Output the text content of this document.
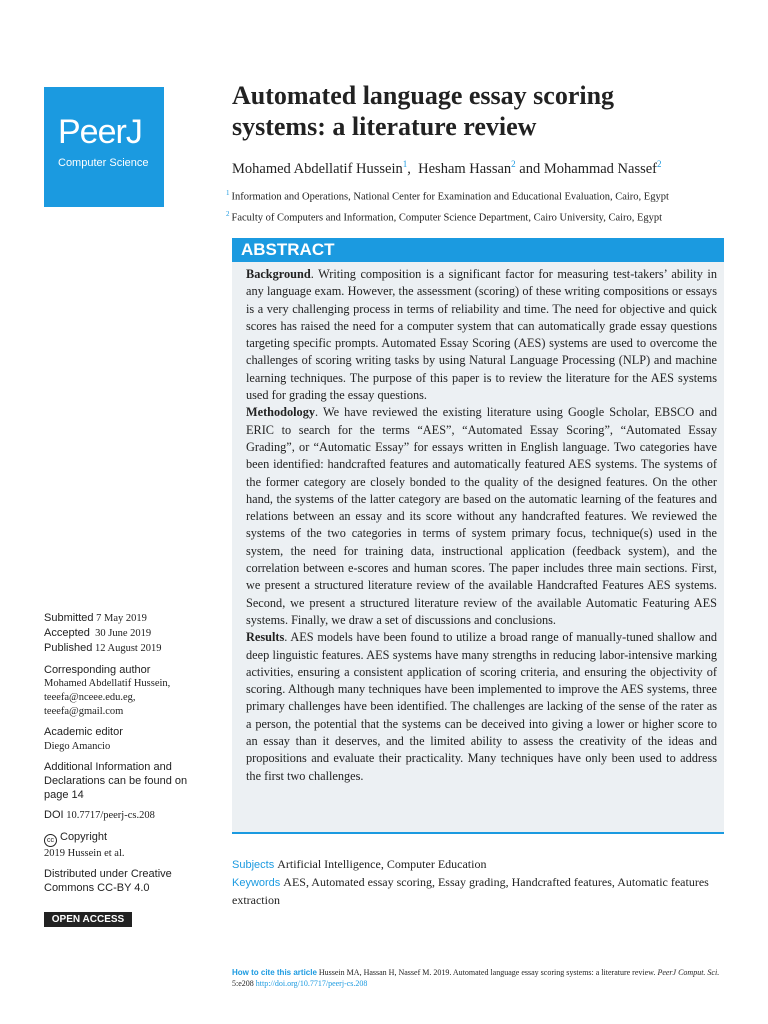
PeerJ
Computer Science
Automated language essay scoring systems: a literature review
Mohamed Abdellatif Hussein$^1$,  Hesham Hassan$^2$ and Mohammad Nassef$^2$
$^1$ Information and Operations, National Center for Examination and Educational Evaluation, Cairo, Egypt
$^2$ Faculty of Computers and Information, Computer Science Department, Cairo University, Cairo, Egypt
ABSTRACT

Background. Writing composition is a significant factor for measuring test-takers’ ability in any language exam. However, the assessment (scoring) of these writing compositions or essays is a very challenging process in terms of reliability and time. The need for objective and quick scores has raised the need for a computer system that can automatically grade essay questions targeting specific prompts. Automated Essay Scoring (AES) systems are used to overcome the challenges of scoring writing tasks by using Natural Language Processing (NLP) and machine learning techniques. The purpose of this paper is to review the literature for the AES systems used for grading the essay questions.

Methodology. We have reviewed the existing literature using Google Scholar, EBSCO and ERIC to search for the terms “AES”, “Automated Essay Scoring”, “Automated Essay Grading”, or “Automatic Essay” for essays written in English language. Two categories have been identified: handcrafted features and automatically featured AES systems. The systems of the former category are closely bonded to the quality of the designed features. On the other hand, the systems of the latter category are based on the automatic learning of the features and relations between an essay and its score without any handcrafted features. We reviewed the systems of the two categories in terms of system primary focus, technique(s) used in the system, the need for training data, instructional application (feedback system), and the correlation between e-scores and human scores. The paper includes three main sections. First, we present a structured literature review of the available Handcrafted Features AES systems. Second, we present a structured literature review of the available Automatic Featuring AES systems. Finally, we draw a set of discussions and conclusions.

Results. AES models have been found to utilize a broad range of manually-tuned shallow and deep linguistic features. AES systems have many strengths in reducing labor-intensive marking activities, ensuring a consistent application of scoring criteria, and ensuring the objectivity of scoring. Although many techniques have been implemented to improve the AES systems, three primary challenges have been identified. The challenges are lacking of the sense of the rater as a person, the potential that the systems can be deceived into giving a lower or higher score to an essay than it deserves, and the limited ability to assess the creativity of the ideas and propositions and evaluate their practicality. Many techniques have only been used to address the first two challenges.

Subjects Artificial Intelligence, Computer Education
Keywords AES, Automated essay scoring, Essay grading, Handcrafted features, Automatic features extraction
Submitted 7 May 2019
Accepted 30 June 2019
Published 12 August 2019
Corresponding author
Mohamed Abdellatif Hussein,
teeefa@nceee.edu.eg,
teeefa@gmail.com
Academic editor
Diego Amancio
Additional Information and Declarations can be found on page 14
DOI 10.7717/peerj-cs.208
cc Copyright
2019 Hussein et al.
Distributed under Creative Commons CC-BY 4.0
OPEN ACCESS
How to cite this article Hussein MA, Hassan H, Nassef M. 2019. Automated language essay scoring systems: a literature review. PeerJ Comput. Sci. 5:e208 http://doi.org/10.7717/peerj-cs.208
